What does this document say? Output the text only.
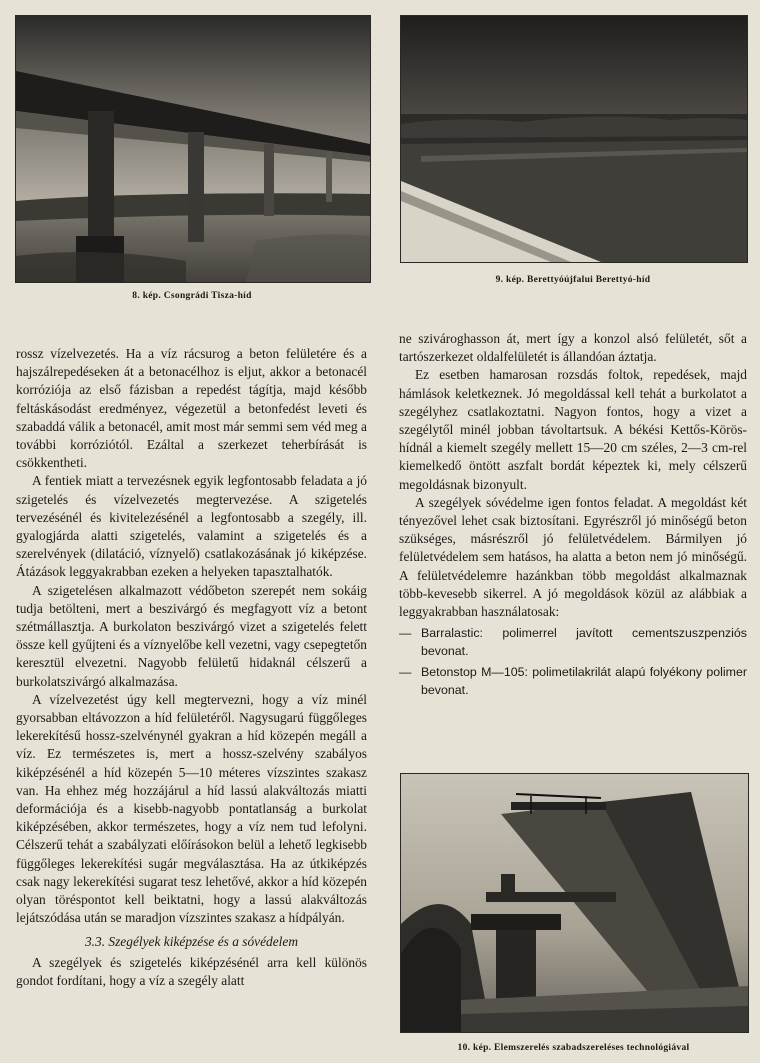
8. kép. Csongrádi Tisza-híd
9. kép. Berettyóújfalui Berettyó-híd

rossz vízelvezetés. Ha a víz rácsurog a beton felületére és a hajszálrepedéseken át a betonacélhoz is eljut, akkor a betonacél korróziója az első fázisban a repedést tágítja, majd később feltáskásodást eredményez, végezetül a betonfedést leveti és szabaddá válik a betonacél, amit most már semmi sem véd meg a további korróziótól. Ezáltal a szerkezet teherbírását is csökkentheti.

A fentiek miatt a tervezésnek egyik legfontosabb feladata a jó szigetelés és vízelvezetés megtervezése. A szigetelés tervezésénél és kivitelezésénél a legfontosabb a szegély, ill. gyalogjárda alatti szigetelés, valamint a szigetelés és a szerelvények (dilatáció, víznyelő) csatlakozásának jó kiképzése. Átázások leggyakrabban ezeken a helyeken tapasztalhatók.

A szigetelésen alkalmazott védőbeton szerepét nem sokáig tudja betölteni, mert a beszivárgó és megfagyott víz a betont szétmállasztja. A burkolaton beszivárgó vizet a szigetelés felett össze kell gyűjteni és a víznyelőbe kell vezetni, vagy csepegtetőn keresztül elvezetni. Nagyobb felületű hidaknál célszerű a burkolatszivárgó alkalmazása.

A vízelvezetést úgy kell megtervezni, hogy a víz minél gyorsabban eltávozzon a híd felületéről. Nagysugarú függőleges lekerekítésű hossz-szelvénynél gyakran a híd közepén megáll a víz. Ez természetes is, mert a hossz-szelvény szabályos kiképzésénél a híd közepén 5—10 méteres vízszintes szakasz van. Ha ehhez még hozzájárul a híd lassú alakváltozás miatti deformációja és a kisebb-nagyobb pontatlanság a burkolat kiképzésében, akkor természetes, hogy a víz nem tud lefolyni. Célszerű tehát a szabályzati előírásokon belül a lehető legkisebb függőleges lekerekítési sugár megválasztása. Ha az útkiképzés csak nagy lekerekítési sugarat tesz lehetővé, akkor a híd közepén olyan töréspontot kell beiktatni, hogy a lassú alakváltozás lejátszódása után se maradjon vízszintes szakasz a hídpályán.

3.3. Szegélyek kiképzése és a sóvédelem

A szegélyek és szigetelés kiképzésénél arra kell különös gondot fordítani, hogy a víz a szegély alatt

ne szivároghasson át, mert így a konzol alsó felületét, sőt a tartószerkezet oldalfelületét is állandóan áztatja.

Ez esetben hamarosan rozsdás foltok, repedések, majd hámlások keletkeznek. Jó megoldással kell tehát a burkolatot a szegélyhez csatlakoztatni. Nagyon fontos, hogy a vizet a szegélytől minél jobban távoltartsuk. A békési Kettős-Körös-hídnál a kiemelt szegély mellett 15—20 cm széles, 2—3 cm-rel kiemelkedő öntött aszfalt bordát képeztek ki, mely célszerű megoldásnak bizonyult.

A szegélyek sóvédelme igen fontos feladat. A megoldást két tényezővel lehet csak biztosítani. Egyrészről jó minőségű beton szükséges, másrészről jó felületvédelem. Bármilyen jó felületvédelem sem hatásos, ha alatta a beton nem jó minőségű. A felületvédelemre hazánkban több megoldást alkalmaznak több-kevesebb sikerrel. A jó megoldások közül az alábbiak a leggyakrabban használatosak:

— Barralastic: polimerrel javított cementszuszpenziós bevonat.
— Betonstop M—105: polimetilakrilát alapú folyékony polimer bevonat.
10. kép. Elemszerelés szabadszereléses technológiával
